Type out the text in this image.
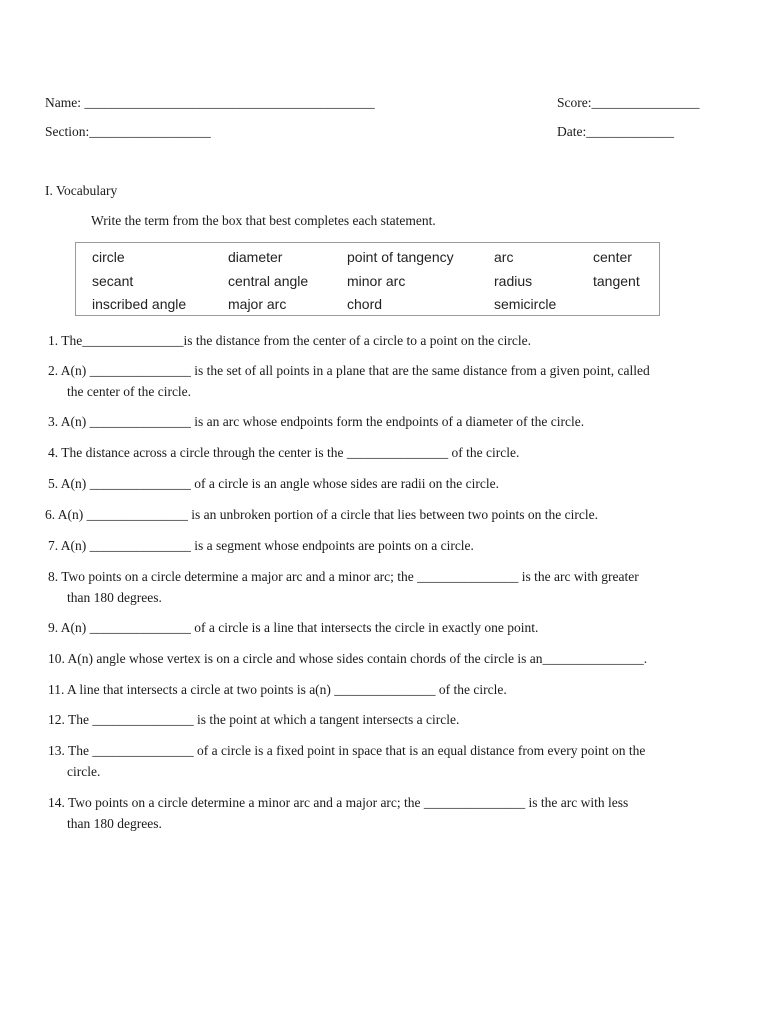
Name: ___________________________________________	Score:________________
Section:__________________	Date:_____________
I. Vocabulary
Write the term from the box that best completes each statement.
circle	diameter	point of tangency	arc	center
secant	central angle	minor arc	radius	tangent
inscribed angle	major arc	chord	semicircle
1. The_______________is the distance from the center of a circle to a point on the circle.
2. A(n) _______________ is the set of all points in a plane that are the same distance from a given point, called
the center of the circle.
3. A(n) _______________ is an arc whose endpoints form the endpoints of a diameter of the circle.
4. The distance across a circle through the center is the _______________ of the circle.
5. A(n) _______________ of a circle is an angle whose sides are radii on the circle.
6. A(n) _______________ is an unbroken portion of a circle that lies between two points on the circle.
7. A(n) _______________ is a segment whose endpoints are points on a circle.
8. Two points on a circle determine a major arc and a minor arc; the _______________ is the arc with greater
than 180 degrees.
9. A(n) _______________ of a circle is a line that intersects the circle in exactly one point.
10. A(n) angle whose vertex is on a circle and whose sides contain chords of the circle is an_______________.
11. A line that intersects a circle at two points is a(n) _______________ of the circle.
12. The _______________ is the point at which a tangent intersects a circle.
13. The _______________ of a circle is a fixed point in space that is an equal distance from every point on the
circle.
14. Two points on a circle determine a minor arc and a major arc; the _______________ is the arc with less
than 180 degrees.
